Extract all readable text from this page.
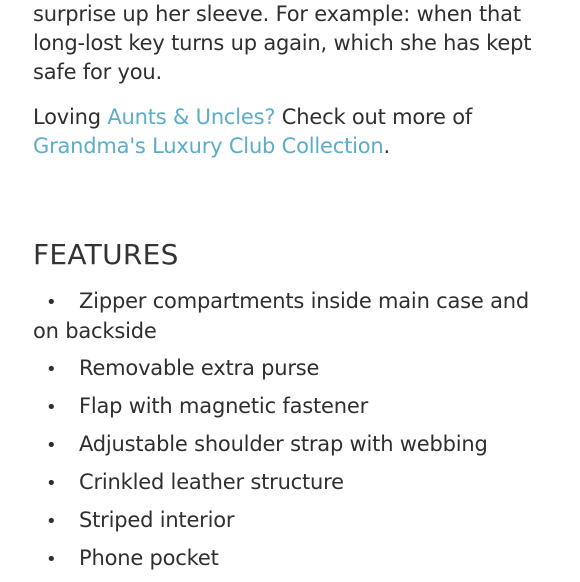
surprise up her sleeve. For example: when that long-lost key turns up again, which she has kept safe for you.

Loving Aunts & Uncles? Check out more of Grandma's Luxury Club Collection.

FEATURES
• Zipper compartments inside main case and on backside
• Removable extra purse
• Flap with magnetic fastener
• Adjustable shoulder strap with webbing
• Crinkled leather structure
• Striped interior
• Phone pocket
